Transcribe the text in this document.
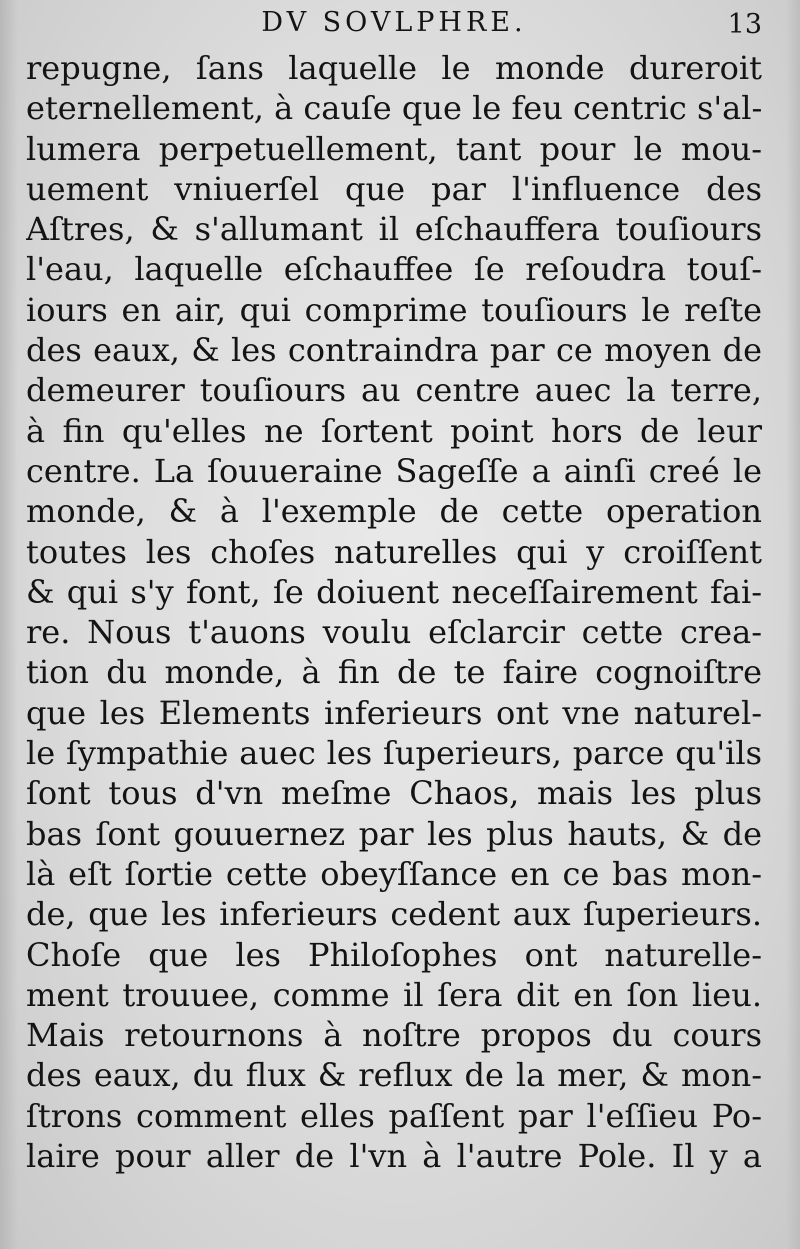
DV SOVLPHRE.	13
repugne, ſans laquelle le monde dureroit
eternellement, à cauſe que le feu centric s'al-
lumera perpetuellement, tant pour le mou-
uement vniuerſel que par l'influence des
Aſtres, & s'allumant il eſchauffera touſiours
l'eau, laquelle eſchauffee ſe reſoudra touſ-
iours en air, qui comprime touſiours le reſte
des eaux, & les contraindra par ce moyen de
demeurer touſiours au centre auec la terre,
à fin qu'elles ne ſortent point hors de leur
centre. La ſouueraine Sageſſe a ainſi creé le
monde, & à l'exemple de cette operation
toutes les choſes naturelles qui y croiſſent
& qui s'y font, ſe doiuent neceſſairement fai-
re. Nous t'auons voulu eſclarcir cette crea-
tion du monde, à fin de te faire cognoiſtre
que les Elements inferieurs ont vne naturel-
le ſympathie auec les ſuperieurs, parce qu'ils
ſont tous d'vn meſme Chaos, mais les plus
bas ſont gouuernez par les plus hauts, & de
là eſt ſortie cette obeyſſance en ce bas mon-
de, que les inferieurs cedent aux ſuperieurs.
Choſe que les Philoſophes ont naturelle-
ment trouuee, comme il ſera dit en ſon lieu.
Mais retournons à noſtre propos du cours
des eaux, du flux & reflux de la mer, & mon-
ſtrons comment elles paſſent par l'eſſieu Po-
laire pour aller de l'vn à l'autre Pole. Il y a
